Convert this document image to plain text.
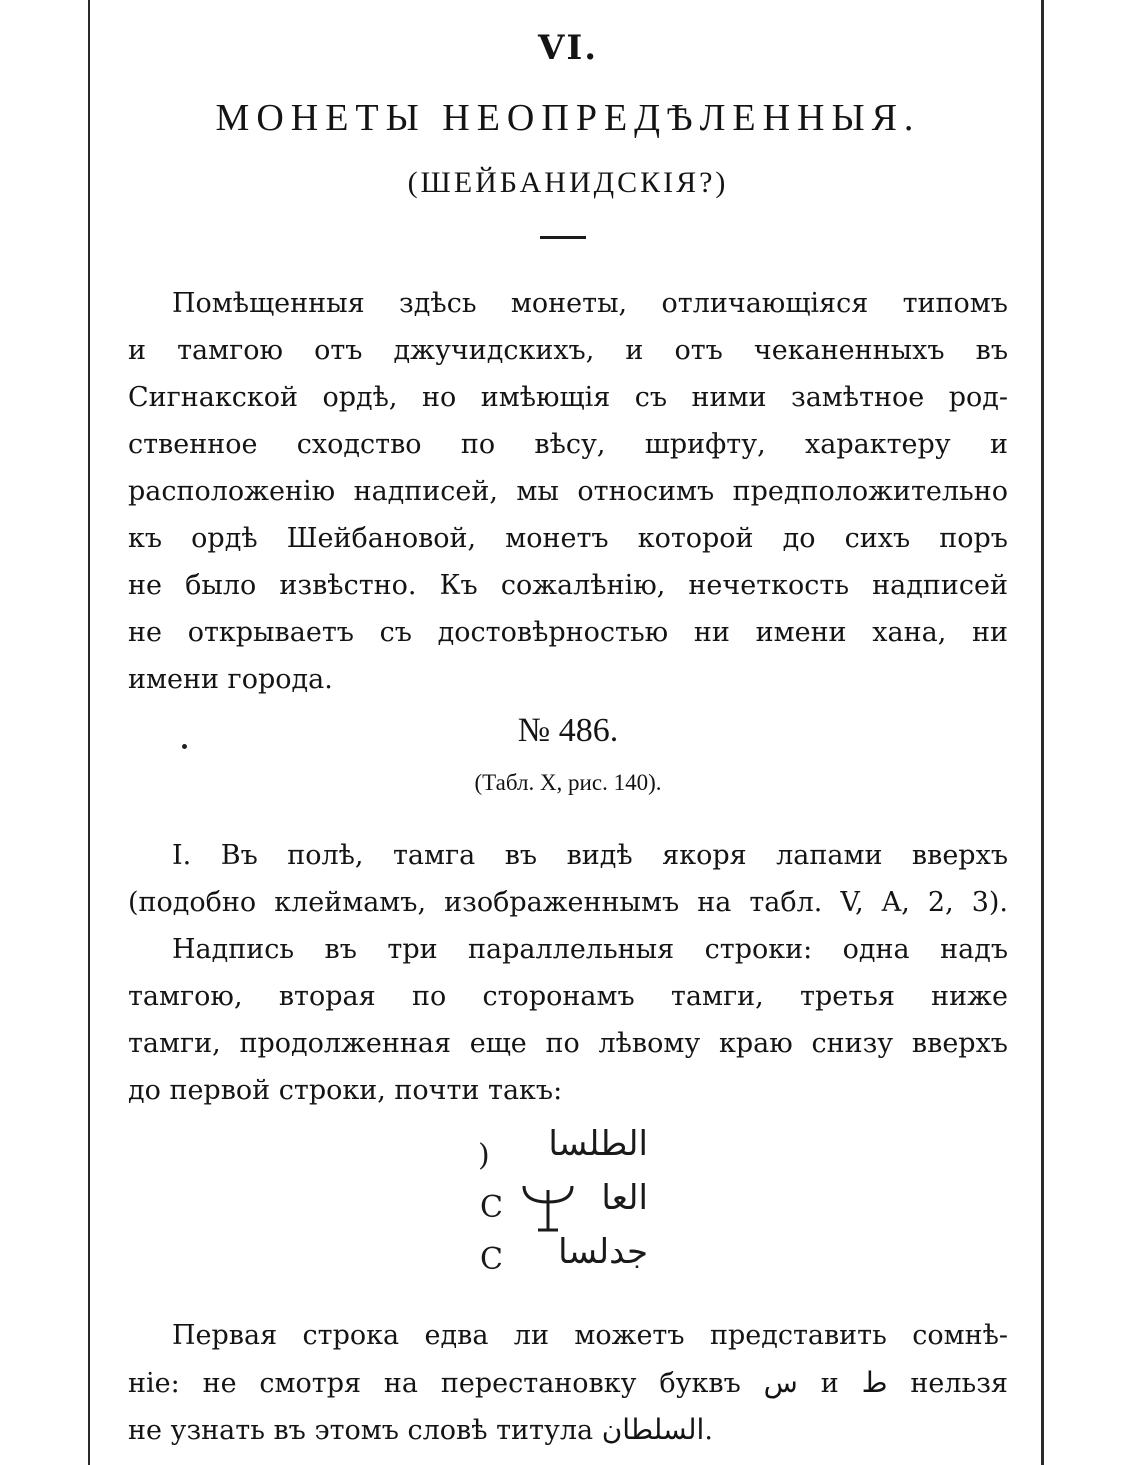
VI.
МОНЕТЫ НЕОПРЕДѢЛЕННЫЯ.
(ШЕЙБАНИДСКIЯ?)
Помѣщенныя здѣсь монеты, отличающiяся типомъ
и тамгою отъ джучидскихъ, и отъ чеканенныхъ въ
Сигнакской ордѣ, но имѣющiя съ ними замѣтное род-
ственное сходство по вѣсу, шрифту, характеру и
расположенiю надписей, мы относимъ предположительно
къ ордѣ Шейбановой, монетъ которой до сихъ поръ
не было извѣстно. Къ сожалѣнiю, нечеткость надписей
не открываетъ съ достовѣрностью ни имени хана, ни
имени города.
№ 486.
(Табл. X, рис. 140).
I. Въ полѣ, тамга въ видѣ якоря лапами вверхъ
(подобно клеймамъ, изображеннымъ на табл. V, A, 2, 3).
Надпись въ три параллельныя строки: одна надъ
тамгою, вторая по сторонамъ тамги, третья ниже
тамги, продолженная еще по лѣвому краю снизу вверхъ
до первой строки, почти такъ:
)
C
C
الطلسا
العا
جدلسا
Первая строка едва ли можетъ представить сомнѣ-
нiе: не смотря на перестановку буквъ س и ط нельзя
не узнать въ этомъ словѣ титула السلطان.
